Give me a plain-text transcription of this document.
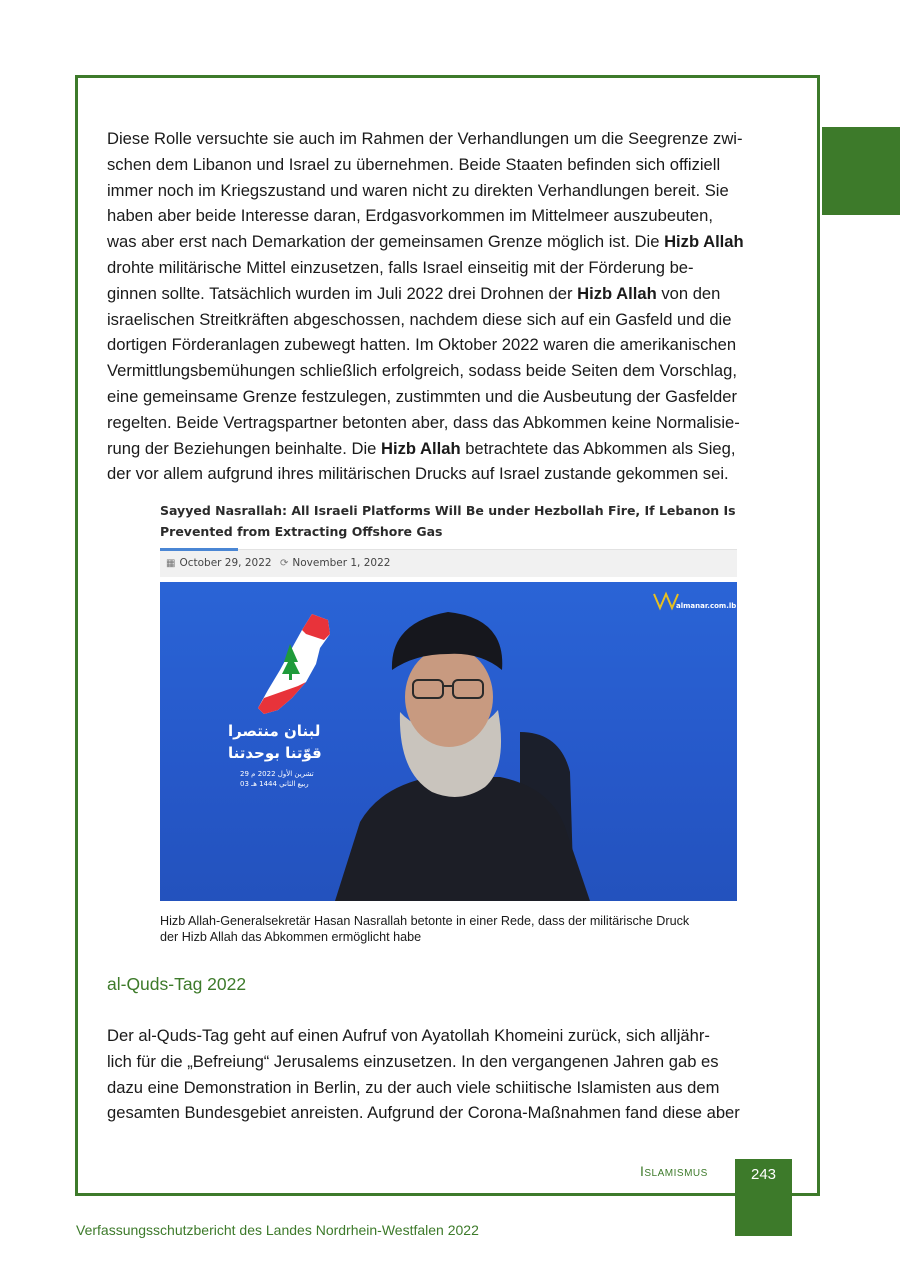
Diese Rolle versuchte sie auch im Rahmen der Verhandlungen um die Seegrenze zwi-
schen dem Libanon und Israel zu übernehmen. Beide Staaten befinden sich offiziell
immer noch im Kriegszustand und waren nicht zu direkten Verhandlungen bereit. Sie
haben aber beide Interesse daran, Erdgasvorkommen im Mittelmeer auszubeuten,
was aber erst nach Demarkation der gemeinsamen Grenze möglich ist. Die Hizb Allah
drohte militärische Mittel einzusetzen, falls Israel einseitig mit der Förderung be-
ginnen sollte. Tatsächlich wurden im Juli 2022 drei Drohnen der Hizb Allah von den
israelischen Streitkräften abgeschossen, nachdem diese sich auf ein Gasfeld und die
dortigen Förderanlagen zubewegt hatten. Im Oktober 2022 waren die amerikanischen
Vermittlungsbemühungen schließlich erfolgreich, sodass beide Seiten dem Vorschlag,
eine gemeinsame Grenze festzulegen, zustimmten und die Ausbeutung der Gasfelder
regelten. Beide Vertragspartner betonten aber, dass das Abkommen keine Normalisie-
rung der Beziehungen beinhalte. Die Hizb Allah betrachtete das Abkommen als Sieg,
der vor allem aufgrund ihres militärischen Drucks auf Israel zustande gekommen sei.
Sayyed Nasrallah: All Israeli Platforms Will Be under Hezbollah Fire, If Lebanon Is
Prevented from Extracting Offshore Gas
▦ October 29, 2022 ⟳ November 1, 2022
لبنان منتصرا
قوّتنا بوحدتنا
29 تشرين الأول 2022 م
03 ربيع الثاني 1444 هـ
almanar.com.lb
Hizb Allah-Generalsekretär Hasan Nasrallah betonte in einer Rede, dass der militärische Druck
der Hizb Allah das Abkommen ermöglicht habe
al-Quds-Tag 2022
Der al-Quds-Tag geht auf einen Aufruf von Ayatollah Khomeini zurück, sich alljähr-
lich für die „Befreiung“ Jerusalems einzusetzen. In den vergangenen Jahren gab es
dazu eine Demonstration in Berlin, zu der auch viele schiitische Islamisten aus dem
gesamten Bundesgebiet anreisten. Aufgrund der Corona-Maßnahmen fand diese aber
Islamismus	243
Verfassungsschutzbericht des Landes Nordrhein-Westfalen 2022
